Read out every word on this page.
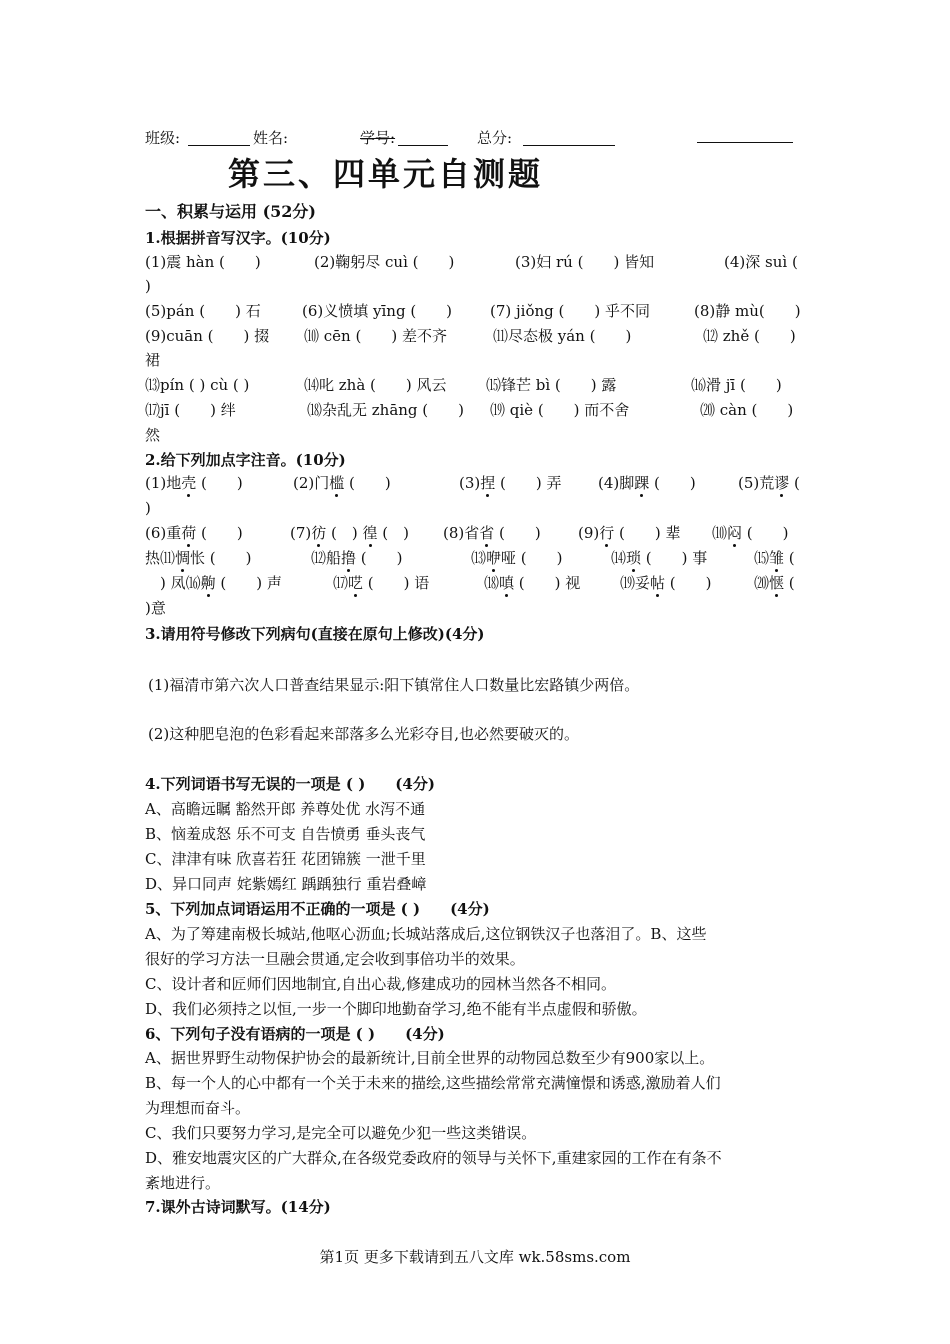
班级:	姓名:	学号:	总分:
第三、四单元自测题
一、积累与运用 (52分)
1.根据拼音写汉字。(10分)
(1)震 hàn (　　)	(2)鞠躬尽 cuì (　　)	(3)妇 rú (　　) 皆知	(4)深 suì (
)
(5)pán (　　) 石	(6)义愤填 yīng (　　)	(7) jiǒng (　　) 乎不同	(8)静 mù(　　)
(9)cuān (　　) 掇 ⑽ cēn (　　) 差不齐	⑾尽态极 yán (　　)	⑿ zhě (　　)
裙
⒀pín ( ) cù ( )	⒁叱 zhà (　　) 风云	⒂锋芒 bì (　　) 露	⒃滑 jī (　　)
⒄jī (　　) 绊	⒅杂乱无 zhāng (　　) ⒆ qiè (　　) 而不舍	⒇ càn (　　)
然
2.给下列加点字注音。(10分)
(1)地壳 (　　)	(2)门槛 (　　)	(3)捏 (　　) 弄 (4)脚踝 (　　)	(5)荒谬 (
)
(6)重荷 (　　)	(7)彷 (　) 徨 (　) (8)省省 (　　) (9)行 (　　) 辈 ⑽闷 (　　)
热⑾惆怅 (　　)	⑿船撸 (　　)	⒀咿哑 (　　)	⒁琐 (　　) 事	⒂雏 (
　) 凤⒃齁 (　　) 声	⒄呓 (　　) 语	⒅嗔 (　　) 视	⒆妥帖 (　　)	⒇惬 (
)意
3.请用符号修改下列病句(直接在原句上修改)(4分)
(1)福清市第六次人口普查结果显示:阳下镇常住人口数量比宏路镇少两倍。
(2)这种肥皂泡的色彩看起来部落多么光彩夺目,也必然要破灭的。
4.下列词语书写无误的一项是 ( )　　(4分)
A、高瞻远瞩 豁然开郎 养尊处优 水泻不通
B、恼羞成怒 乐不可支 自告愤勇 垂头丧气
C、津津有味 欣喜若狂 花团锦簇 一泄千里
D、异口同声 姹紫嫣红 踽踽独行 重岩叠嶂
5、下列加点词语运用不正确的一项是 ( )　　(4分)
A、为了筹建南极长城站,他呕心沥血;长城站落成后,这位钢铁汉子也落泪了。B、这些
很好的学习方法一旦融会贯通,定会收到事倍功半的效果。
C、设计者和匠师们因地制宜,自出心裁,修建成功的园林当然各不相同。
D、我们必须持之以恒,一步一个脚印地勤奋学习,绝不能有半点虚假和骄傲。
6、下列句子没有语病的一项是 ( )　　(4分)
A、据世界野生动物保护协会的最新统计,目前全世界的动物园总数至少有900家以上。
B、每一个人的心中都有一个关于未来的描绘,这些描绘常常充满憧憬和诱惑,激励着人们
为理想而奋斗。
C、我们只要努力学习,是完全可以避免少犯一些这类错误。
D、雅安地震灾区的广大群众,在各级党委政府的领导与关怀下,重建家园的工作在有条不
紊地进行。
7.课外古诗词默写。(14分)
第1页 更多下载请到五八文库 wk.58sms.com
